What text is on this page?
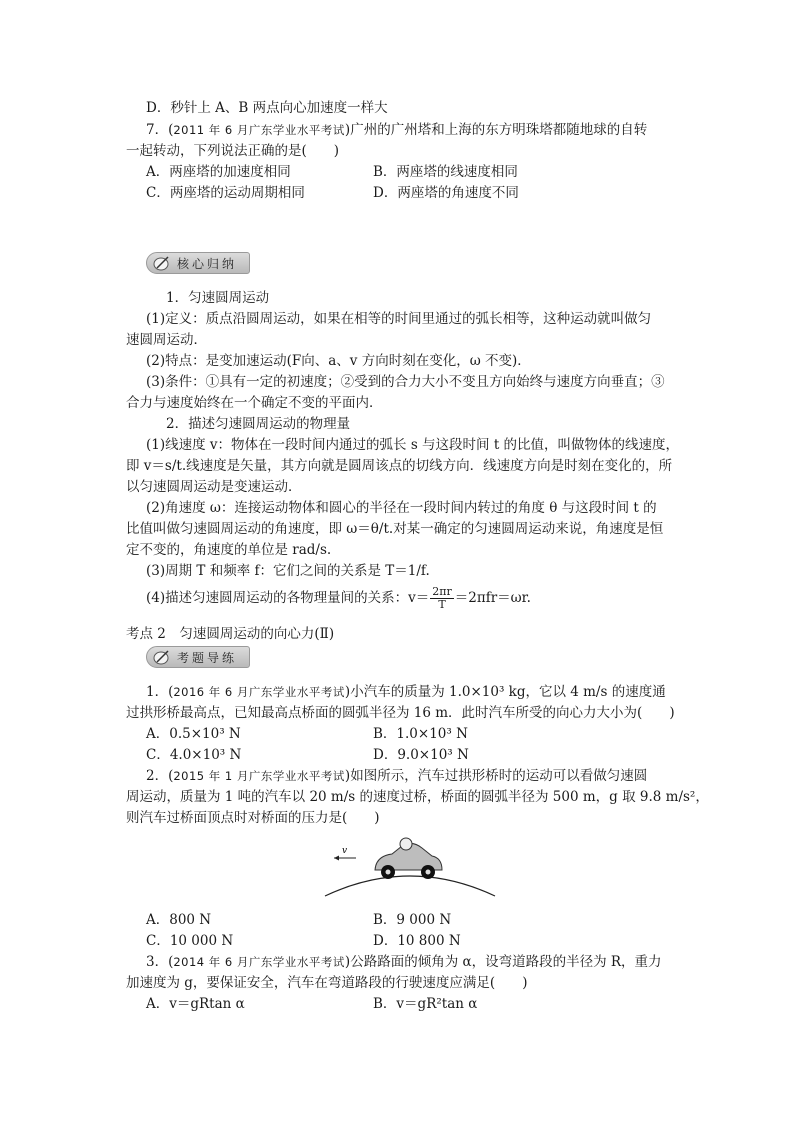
D．秒针上 A、B 两点向心加速度一样大
7．(2011 年 6 月广东学业水平考试)广州的广州塔和上海的东方明珠塔都随地球的自转
一起转动，下列说法正确的是(　　)
A．两座塔的加速度相同	B．两座塔的线速度相同
C．两座塔的运动周期相同	D．两座塔的角速度不同
核心归纳
1．匀速圆周运动
(1)定义：质点沿圆周运动，如果在相等的时间里通过的弧长相等，这种运动就叫做匀
速圆周运动．
(2)特点：是变加速运动(F向、a、v 方向时刻在变化，ω 不变)．
(3)条件：①具有一定的初速度；②受到的合力大小不变且方向始终与速度方向垂直；③
合力与速度始终在一个确定不变的平面内．
2．描述匀速圆周运动的物理量
(1)线速度 v：物体在一段时间内通过的弧长 s 与这段时间 t 的比值，叫做物体的线速度，
即 v＝s/t.线速度是矢量，其方向就是圆周该点的切线方向．线速度方向是时刻在变化的，所
以匀速圆周运动是变速运动．
(2)角速度 ω：连接运动物体和圆心的半径在一段时间内转过的角度 θ 与这段时间 t 的
比值叫做匀速圆周运动的角速度，即 ω＝θ/t.对某一确定的匀速圆周运动来说，角速度是恒
定不变的，角速度的单位是 rad/s.
(3)周期 T 和频率 f：它们之间的关系是 T＝1/f.
(4)描述匀速圆周运动的各物理量间的关系：$v= \frac{2\pi r}{T} =2\pi fr=\omega r$.
考点 2　匀速圆周运动的向心力(Ⅱ)
考题导练
1．(2016 年 6 月广东学业水平考试)小汽车的质量为 1.0×10³ kg，它以 4 m/s 的速度通
过拱形桥最高点，已知最高点桥面的圆弧半径为 16 m．此时汽车所受的向心力大小为(　　)
A．0.5×10³ N	B．1.0×10³ N
C．4.0×10³ N	D．9.0×10³ N
2．(2015 年 1 月广东学业水平考试)如图所示，汽车过拱形桥时的运动可以看做匀速圆
周运动，质量为 1 吨的汽车以 20 m/s 的速度过桥，桥面的圆弧半径为 500 m，g 取 9.8 m/s²，
则汽车过桥面顶点时对桥面的压力是(　　)
v
A．800 N	B．9 000 N
C．10 000 N	D．10 800 N
3．(2014 年 6 月广东学业水平考试)公路路面的倾角为 α，设弯道路段的半径为 R，重力
加速度为 g，要保证安全，汽车在弯道路段的行驶速度应满足(　　)
A．v＝gRtan α	B．v＝gR²tan α
